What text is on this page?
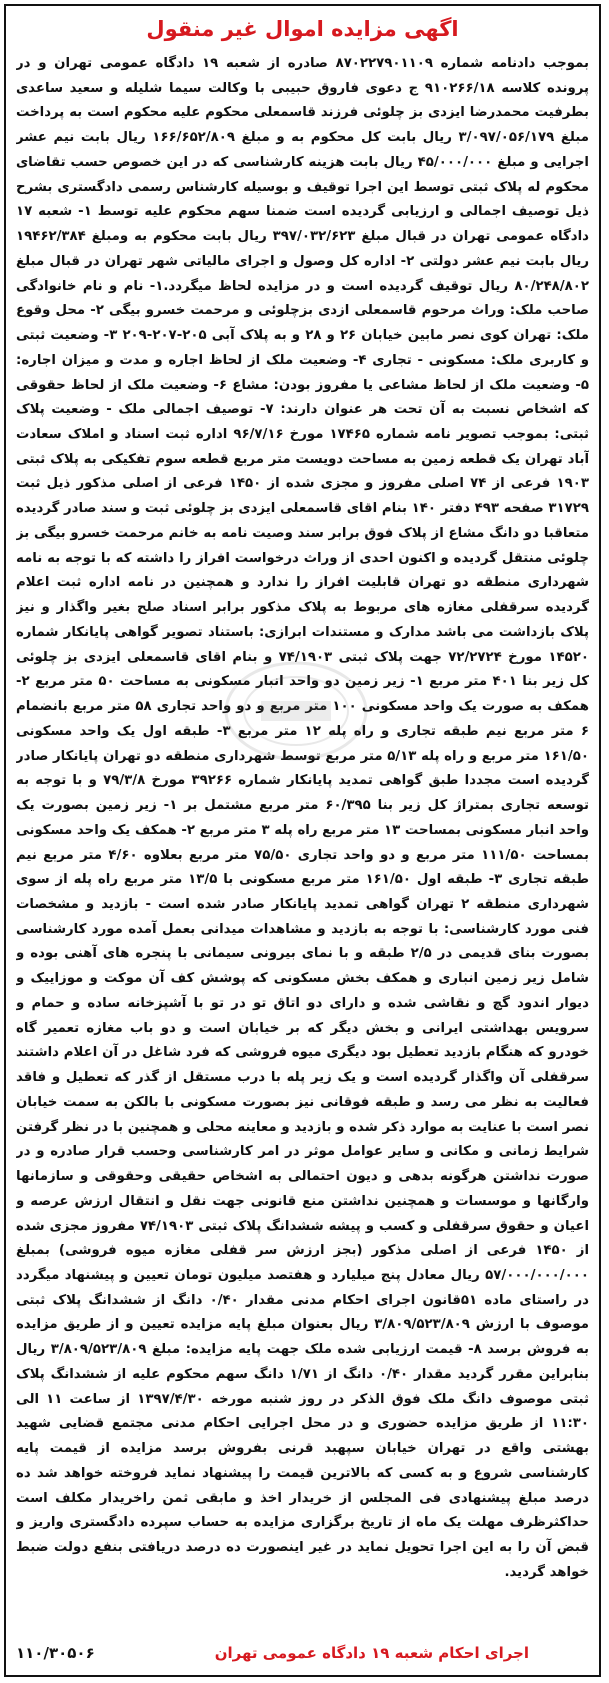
اگهی مزایده اموال غیر منقول
بموجب دادنامه شماره ۸۷۰۲۲۷۹۰۱۱۰۹ صادره از شعبه ۱۹ دادگاه عمومی تهران و در پرونده کلاسه ۹۱۰۲۶۶/۱۸ ج دعوی فاروق حبیبی با وکالت سیما شلیله و سعید ساعدی بطرفیت محمدرضا ایزدی بز چلوئی فرزند قاسمعلی محکوم علیه محکوم است به پرداخت مبلغ ۳/۰۹۷/۰۵۶/۱۷۹ ریال بابت کل محکوم به و مبلغ ۱۶۶/۶۵۲/۸۰۹ ریال بابت نیم عشر اجرایی و مبلغ ۴۵/۰۰۰/۰۰۰ ریال بابت هزینه کارشناسی که در این خصوص حسب تقاضای محکوم له پلاک ثبتی توسط این اجرا توقیف و بوسیله کارشناس رسمی دادگستری بشرح ذیل توصیف اجمالی و ارزیابی گردیده است ضمنا سهم محکوم علیه توسط ۱- شعبه ۱۷ دادگاه عمومی تهران در قبال مبلغ ۳۹۷/۰۳۲/۶۲۳ ریال بابت محکوم به ومبلغ ۱۹۴۶۲/۳۸۴ ریال بابت نیم عشر دولتی ۲- اداره کل وصول و اجرای مالیاتی شهر تهران در قبال مبلغ ۸۰/۲۴۸/۸۰۲ ریال توقیف گردیده است و در مزایده لحاظ میگردد.۱- نام و نام خانوادگی صاحب ملک: وراث مرحوم قاسمعلی ازدی بزچلوئی و مرحمت خسرو بیگی ۲- محل وقوع ملک: تهران کوی نصر مابین خیابان ۲۶ و ۲۸ و به پلاک آبی ۲۰۵-۲۰۷-۲۰۹ ۳- وضعیت ثبتی و کاربری ملک: مسکونی - تجاری ۴- وضعیت ملک از لحاظ اجاره و مدت و میزان اجاره: ۵- وضعیت ملک از لحاظ مشاعی یا مفروز بودن: مشاع ۶- وضعیت ملک از لحاظ حقوقی که اشخاص نسبت به آن تحت هر عنوان دارند: ۷- توصیف اجمالی ملک - وضعیت پلاک ثبتی: بموجب تصویر نامه شماره ۱۷۴۶۵ مورخ ۹۶/۷/۱۶ اداره ثبت اسناد و املاک سعادت آباد تهران یک قطعه زمین به مساحت دویست متر مربع قطعه سوم تفکیکی به پلاک ثبتی ۱۹۰۳ فرعی از ۷۴ اصلی مفروز و مجزی شده از ۱۴۵۰ فرعی از اصلی مذکور ذیل ثبت ۳۱۷۲۹ صفحه ۴۹۳ دفتر ۱۴۰ بنام اقای قاسمعلی ایزدی بز چلوئی ثبت و سند صادر گردیده متعاقبا دو دانگ مشاع از پلاک فوق برابر سند وصیت نامه به خانم مرحمت خسرو بیگی بز چلوئی منتقل گردیده و اکنون احدی از وراث درخواست افراز را داشته که با توجه به نامه شهرداری منطقه دو تهران قابلیت افراز را ندارد و همچنین در نامه اداره ثبت اعلام گردیده سرقفلی مغازه های مربوط به پلاک مذکور برابر اسناد صلح بغیر واگذار و نیز پلاک بازداشت می باشد مدارک و مستندات ابرازی: باستناد تصویر گواهی پایانکار شماره ۱۴۵۲۰ مورخ ۷۲/۲۷۲۴ جهت پلاک ثبتی ۷۴/۱۹۰۳ و بنام اقای قاسمعلی ایزدی بز چلوئی کل زیر بنا ۴۰۱ متر مربع ۱- زیر زمین دو واحد انبار مسکونی به مساحت ۵۰ متر مربع ۲- همکف به صورت یک واحد مسکونی ۱۰۰ متر مربع و دو واحد تجاری ۵۸ متر مربع بانضمام ۶ متر مربع نیم طبقه تجاری و راه پله ۱۲ متر مربع ۳- طبقه اول یک واحد مسکونی ۱۶۱/۵۰ متر مربع و راه پله ۵/۱۳ متر مربع توسط شهرداری منطقه دو تهران پایانکار صادر گردیده است مجددا طبق گواهی تمدید پایانکار شماره ۳۹۲۶۶ مورخ ۷۹/۳/۸ و با توجه به توسعه تجاری بمتراژ کل زیر بنا ۶۰/۳۹۵ متر مربع مشتمل بر ۱- زیر زمین بصورت یک واحد انبار مسکونی بمساحت ۱۳ متر مربع راه پله ۳ متر مربع ۲- همکف یک واحد مسکونی بمساحت ۱۱۱/۵۰ متر مربع و دو واحد تجاری ۷۵/۵۰ متر مربع بعلاوه ۴/۶۰ متر مربع نیم طبقه تجاری ۳- طبقه اول ۱۶۱/۵۰ متر مربع مسکونی با ۱۳/۵ متر مربع راه پله از سوی شهرداری منطقه ۲ تهران گواهی تمدید پایانکار صادر شده است - بازدید و مشخصات فنی مورد کارشناسی: با توجه به بازدید و مشاهدات میدانی بعمل آمده مورد کارشناسی بصورت بنای قدیمی در ۲/۵ طبقه و با نمای بیرونی سیمانی با پنجره های آهنی بوده و شامل زیر زمین انباری و همکف بخش مسکونی که پوشش کف آن موکت و موزاییک و دیوار اندود گچ و نقاشی شده و دارای دو اتاق تو در تو با آشپزخانه ساده و حمام و سرویس بهداشتی ایرانی و بخش دیگر که بر خیابان است و دو باب مغازه تعمیر گاه خودرو که هنگام بازدید تعطیل بود دیگری میوه فروشی که فرد شاغل در آن اعلام داشتند سرقفلی آن واگذار گردیده است و یک زیر پله با درب مستقل از گذر که تعطیل و فاقد فعالیت به نظر می رسد و طبقه فوقانی نیز بصورت مسکونی با بالکن به سمت خیابان نصر است با عنایت به موارد ذکر شده و بازدید و معاینه محلی و همچنین با در نظر گرفتن شرایط زمانی و مکانی و سایر عوامل موثر در امر کارشناسی وحسب قرار صادره و در صورت نداشتن هرگونه بدهی و دیون احتمالی به اشخاص حقیقی وحقوقی و سازمانها وارگانها و موسسات و همچنین نداشتن منع قانونی جهت نقل و انتقال ارزش عرصه و اعیان و حقوق سرقفلی و کسب و پیشه ششدانگ پلاک ثبتی ۷۴/۱۹۰۳ مفروز مجزی شده از ۱۴۵۰ فرعی از اصلی مذکور (بجز ارزش سر قفلی مغازه میوه فروشی) بمبلغ ۵۷/۰۰۰/۰۰۰/۰۰۰ ریال معادل پنج میلیارد و هفتصد میلیون تومان تعیین و پیشنهاد میگردد در راستای ماده ۵۱قانون اجرای احکام مدنی مقدار ۰/۴۰ دانگ از ششدانگ پلاک ثبتی موصوف با ارزش ۳/۸۰۹/۵۲۳/۸۰۹ ریال بعنوان مبلغ پایه مزایده تعیین و از طریق مزایده به فروش برسد ۸- قیمت ارزیابی شده ملک جهت پایه مزایده: مبلغ ۳/۸۰۹/۵۲۳/۸۰۹ ریال بنابراین مقرر گردید مقدار ۰/۴۰ دانگ از ۱/۷۱ دانگ سهم محکوم علیه از ششدانگ پلاک ثبتی موصوف دانگ ملک فوق الذکر در روز شنبه مورخه ۱۳۹۷/۴/۳۰ از ساعت ۱۱ الی ۱۱:۳۰ از طریق مزایده حضوری و در محل اجرایی احکام مدنی مجتمع قضایی شهید بهشتی واقع در تهران خیابان سپهبد قرنی بفروش برسد مزایده از قیمت پایه کارشناسی شروع و به کسی که بالاترین قیمت را پیشنهاد نماید فروخته خواهد شد ده درصد مبلغ پیشنهادی فی المجلس از خریدار اخذ و مابقی ثمن راخریدار مکلف است حداکثرظرف مهلت یک ماه از تاریخ برگزاری مزایده به حساب سپرده دادگستری واریز و قبض آن را به این اجرا تحویل نماید در غیر اینصورت ده درصد دریافتی بنفع دولت ضبط خواهد گردید.
اجرای احکام شعبه ۱۹ دادگاه عمومی تهران
۱۱۰/۳۰۵۰۶
